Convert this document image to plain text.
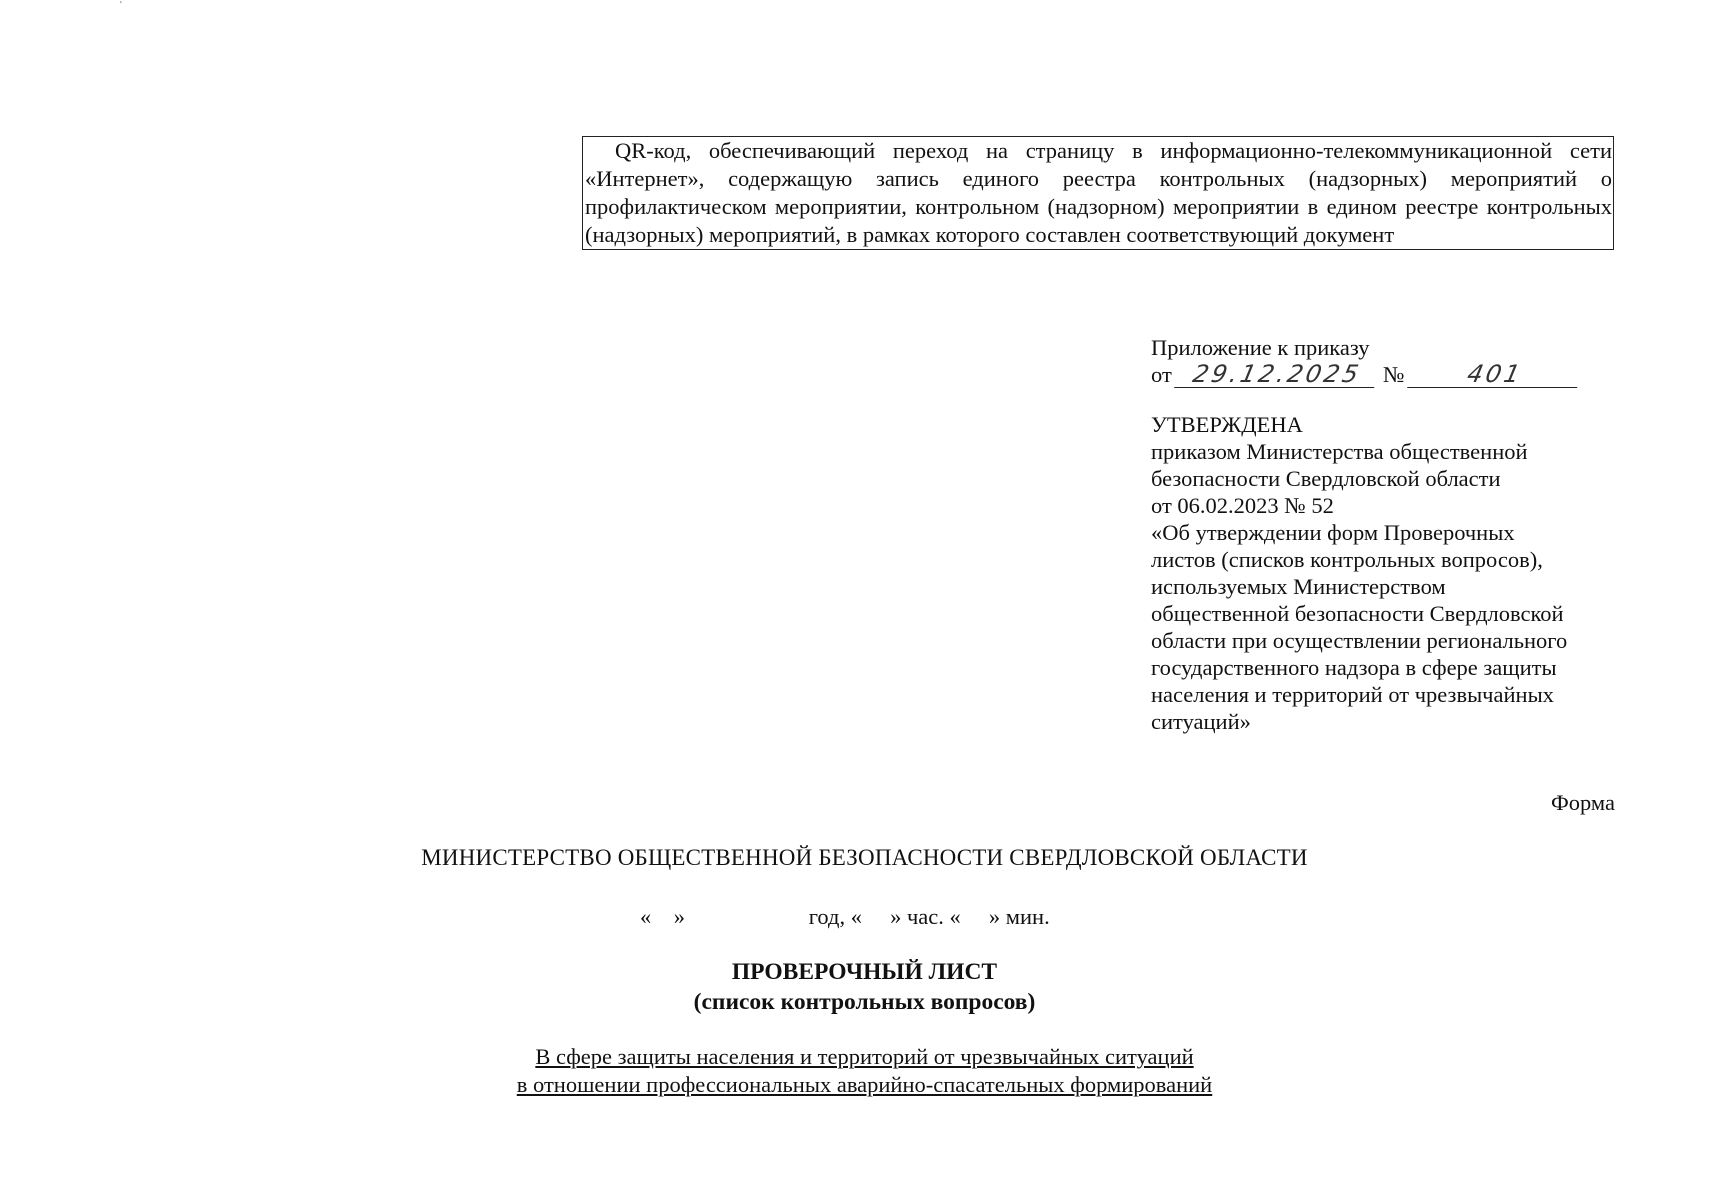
'
QR-код, обеспечивающий переход на страницу в информационно-телекоммуникационной сети «Интернет», содержащую запись единого реестра контрольных (надзорных) мероприятий о профилактическом мероприятии, контрольном (надзорном) мероприятии в едином реестре контрольных (надзорных) мероприятий, в рамках которого составлен соответствующий документ
Приложение к приказу
от 29.12.2025 №	401
УТВЕРЖДЕНА
приказом Министерства общественной
безопасности Свердловской области
от 06.02.2023 № 52
«Об утверждении форм Проверочных
листов (списков контрольных вопросов),
используемых Министерством
общественной безопасности Свердловской
области при осуществлении регионального
государственного надзора в сфере защиты
населения и территорий от чрезвычайных
ситуаций»
Форма
МИНИСТЕРСТВО ОБЩЕСТВЕННОЙ БЕЗОПАСНОСТИ СВЕРДЛОВСКОЙ ОБЛАСТИ
«    »                      год, «     » час. «     » мин.
ПРОВЕРОЧНЫЙ ЛИСТ
(список контрольных вопросов)
В сфере защиты населения и территорий от чрезвычайных ситуаций
в отношении профессиональных аварийно-спасательных формирований
